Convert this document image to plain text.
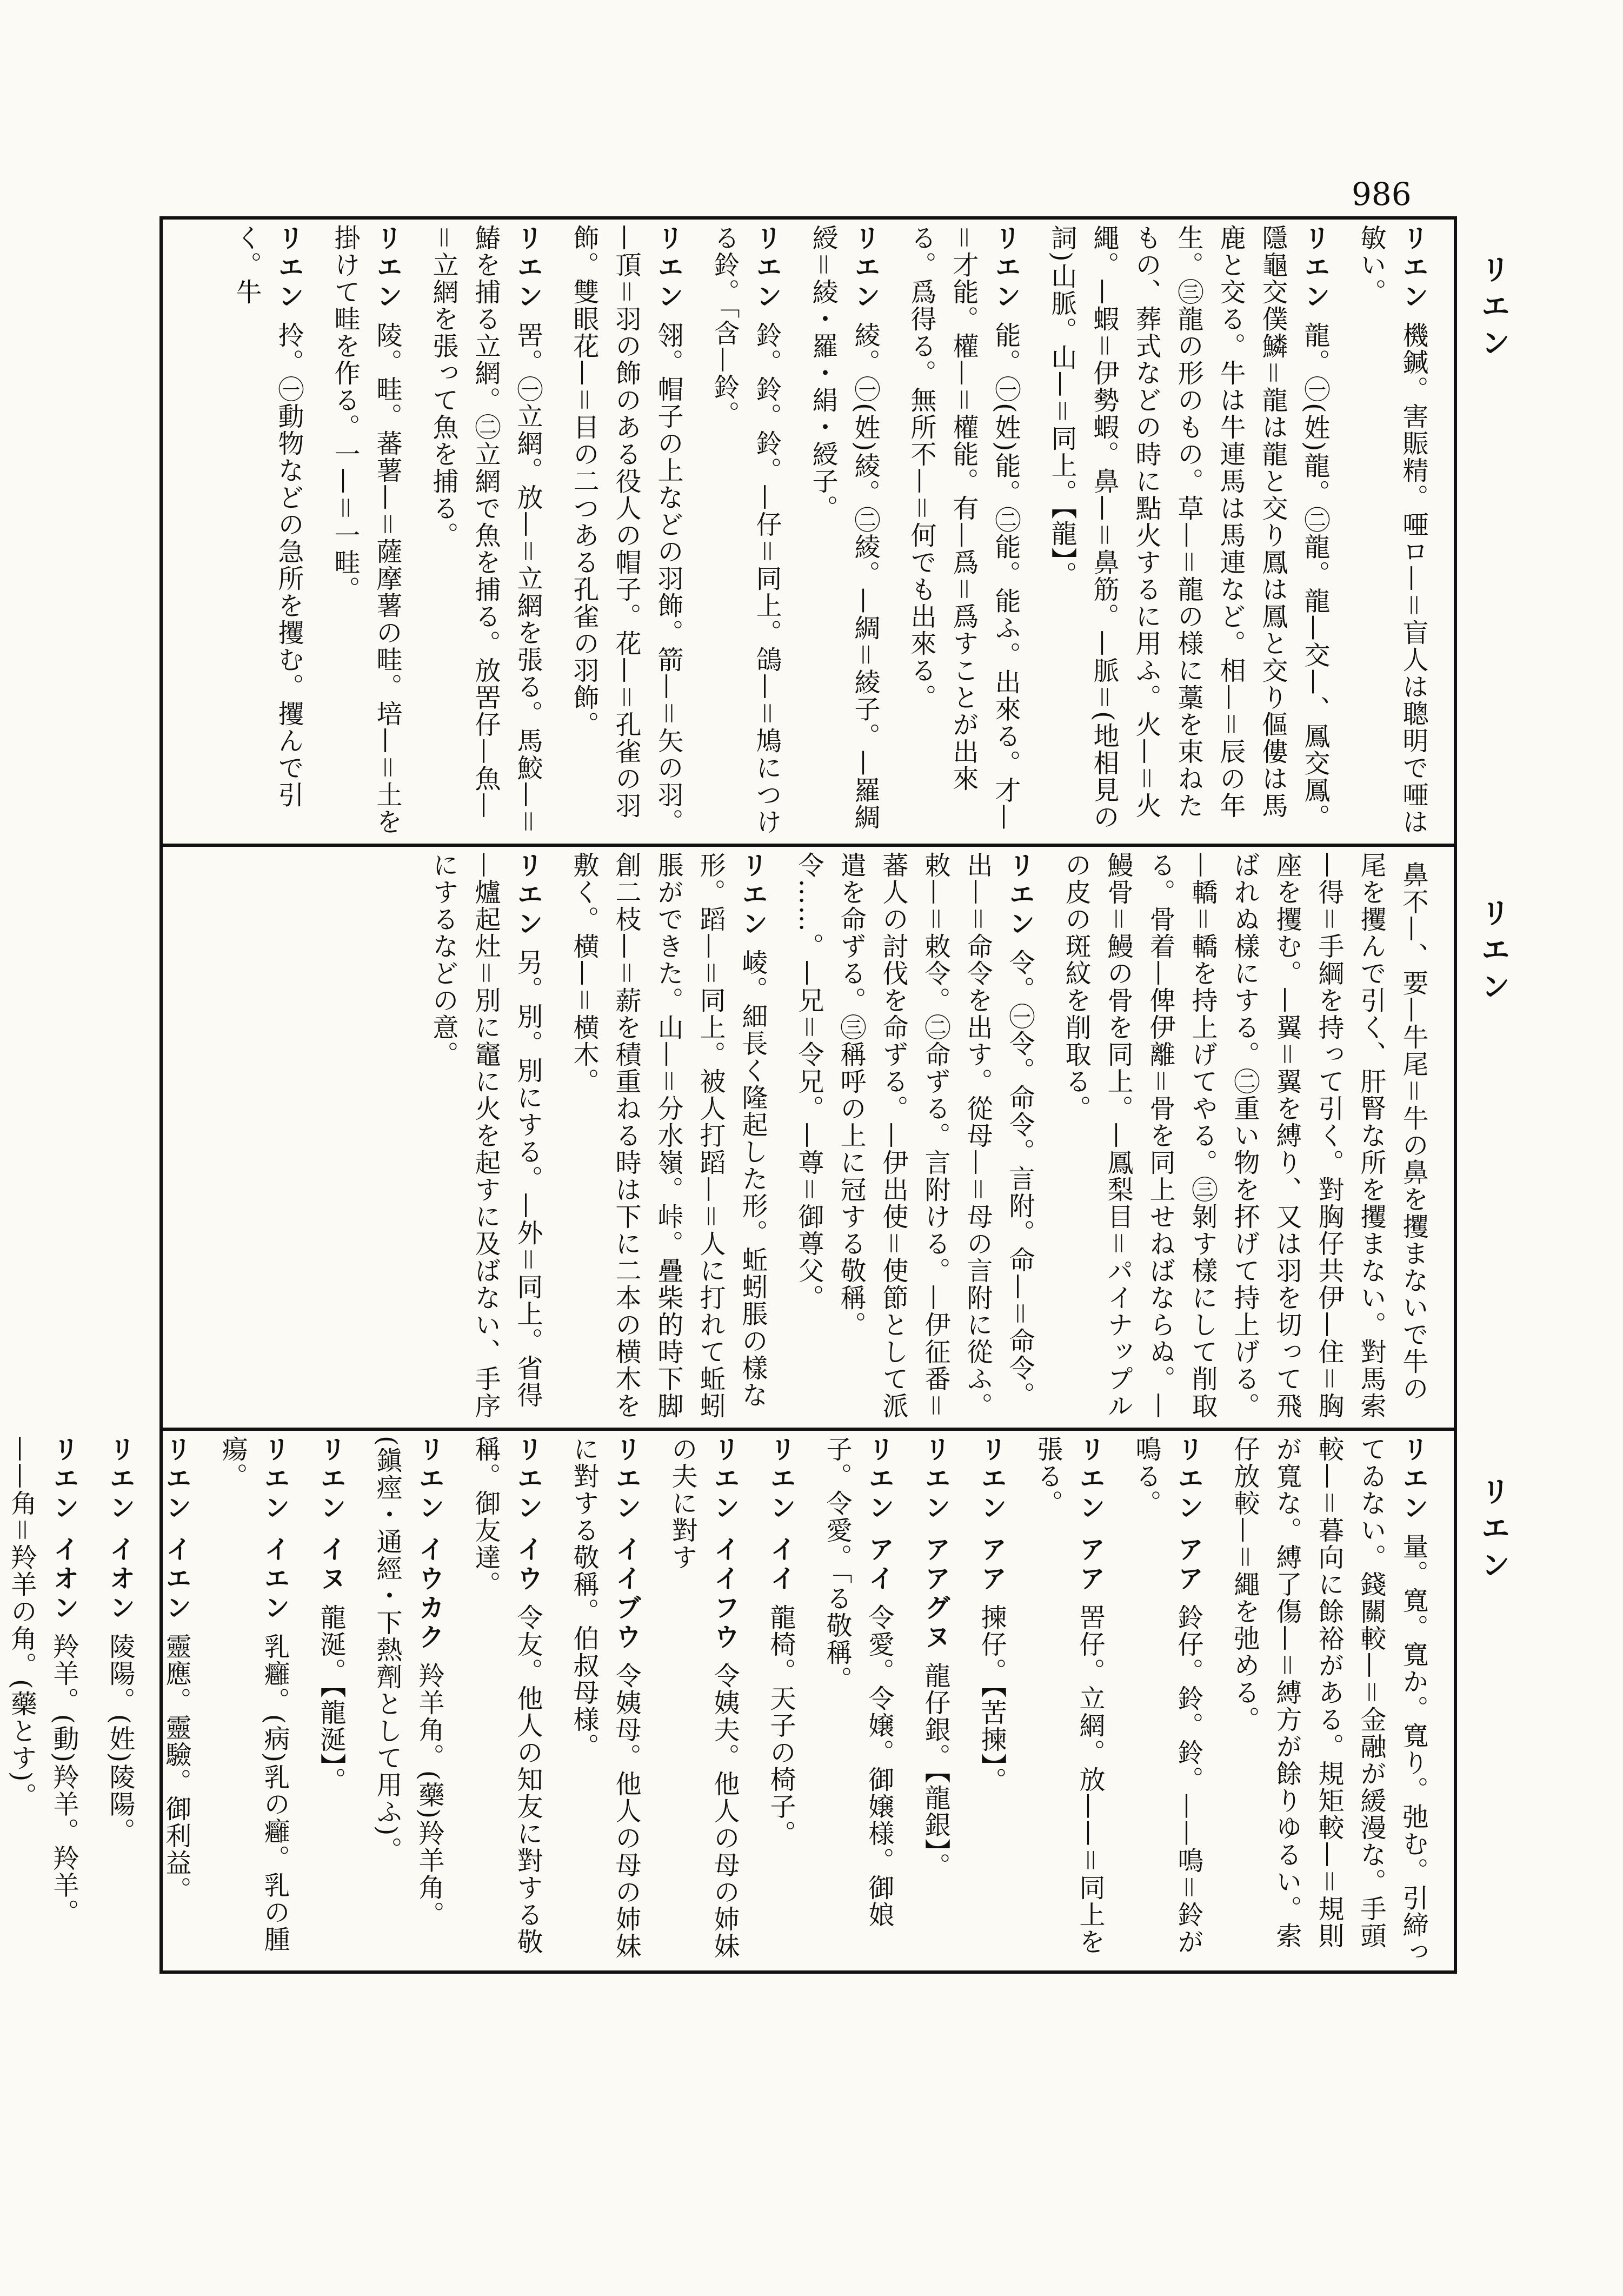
986
リエン
リエン
リエン
リエン機鍼。害賑精。唖ロ—＝盲人は聰明で唖は敏い。
リエン龍。㊀(姓)龍。㊁龍。龍—交—、鳳交鳳。隱龜交僕鱗＝龍は龍と交り鳳は鳳と交り傴僂は馬鹿と交る。牛は牛連馬は馬連など。相—＝辰の年生。㊂龍の形のもの。草—＝龍の様に藁を束ねたもの、葬式などの時に點火するに用ふ。火—＝火繩。—蝦＝伊勢蝦。鼻—＝鼻筋。—脈＝(地相見の詞)山脈。山—＝同上。【龍】。
リエン能。㊀(姓)能。㊁能。能ふ。出來る。才—＝才能。權—＝權能。有—爲＝爲すことが出來る。爲得る。無所不—＝何でも出來る。
リエン綾。㊀(姓)綾。㊁綾。—綢＝綾子。—羅綢綬＝綾・羅・絹・綬子。
リエン鈴。鈴。鈴。—仔＝同上。鴿—＝鳩につける鈴。「含—鈴。
リエン翎。帽子の上などの羽飾。箭—＝矢の羽。—頂＝羽の飾のある役人の帽子。花—＝孔雀の羽飾。雙眼花—＝目の二つある孔雀の羽飾。
リエン罟。㊀立網。放—＝立網を張る。馬鮫—＝鰆を捕る立網。㊁立網で魚を捕る。放罟仔—魚—＝立網を張って魚を捕る。
リエン陵。畦。蕃薯—＝薩摩薯の畦。培—＝土を掛けて畦を作る。一—＝一畦。
リエン拎。㊀動物などの急所を攫む。攫んで引く。牛
鼻不—、要—牛尾＝牛の鼻を攫まないで牛の尾を攫んで引く、肝腎な所を攫まない。對馬索—得＝手綱を持って引く。對胸仔共伊—住＝胸座を攫む。—翼＝翼を縛り、又は羽を切って飛ばれぬ樣にする。㊁重い物を抔げて持上げる。—轎＝轎を持上げてやる。㊂剝す樣にして削取る。骨着—俾伊離＝骨を同上せねばならぬ。—鰻骨＝鰻の骨を同上。—鳳梨目＝パイナップルの皮の斑紋を削取る。
リエン令。㊀令。命令。言附。命—＝命令。出—＝命令を出す。從母—＝母の言附に從ふ。敕—＝敕令。㊁命ずる。言附ける。—伊征番＝蕃人の討伐を命ずる。—伊出使＝使節として派遣を命ずる。㊂稱呼の上に冠する敬稱。令……。—兄＝令兄。—尊＝御尊父。
リエン崚。細長く隆起した形。蚯蚓脹の樣な形。蹈—＝同上。被人打蹈—＝人に打れて蚯蚓脹ができた。山—＝分水嶺。峠。疊柴的時下脚創二枝—＝薪を積重ねる時は下に二本の横木を敷く。横—＝横木。
リエン另。別。別にする。—外＝同上。省得—爐起灶＝別に竈に火を起すに及ばない、手序にするなどの意。
リエン量。寬。寬か。寬り。弛む。引締ってゐない。錢關較—＝金融が緩漫な。手頭較—＝暮向に餘裕がある。規矩較—＝規則が寬な。縛了傷—＝縛方が餘りゆるい。索仔放較—＝繩を弛める。
リエン アア鈴仔。鈴。鈴。——鳴＝鈴が鳴る。
リエン アア罟仔。立網。放——＝同上を張る。
リエン アア揀仔。【苦揀】。
リエン アアグヌ龍仔銀。【龍銀】。
リエン アイ令愛。令嬢。御嬢様。御娘子。令愛。「る敬稱。
リエン イイ龍椅。天子の椅子。
リエン イイフウ令姨夫。他人の母の姉妹の夫に對す
リエン イイブウ令姨母。他人の母の姉妹に對する敬稱。伯叔母様。
リエン イウ令友。他人の知友に對する敬稱。御友達。
リエン イウカク羚羊角。(藥)羚羊角。(鎭痙・通經・下熱劑として用ふ)。
リエン イヌ龍涎。【龍涎】。
リエン イエン乳癰。(病)乳の癰。乳の腫瘍。
リエン イエン靈應。靈驗。御利益。
リエン イオン陵陽。(姓)陵陽。
リエン イオン羚羊。(動)羚羊。羚羊。——角＝羚羊の角。(藥とす)。
